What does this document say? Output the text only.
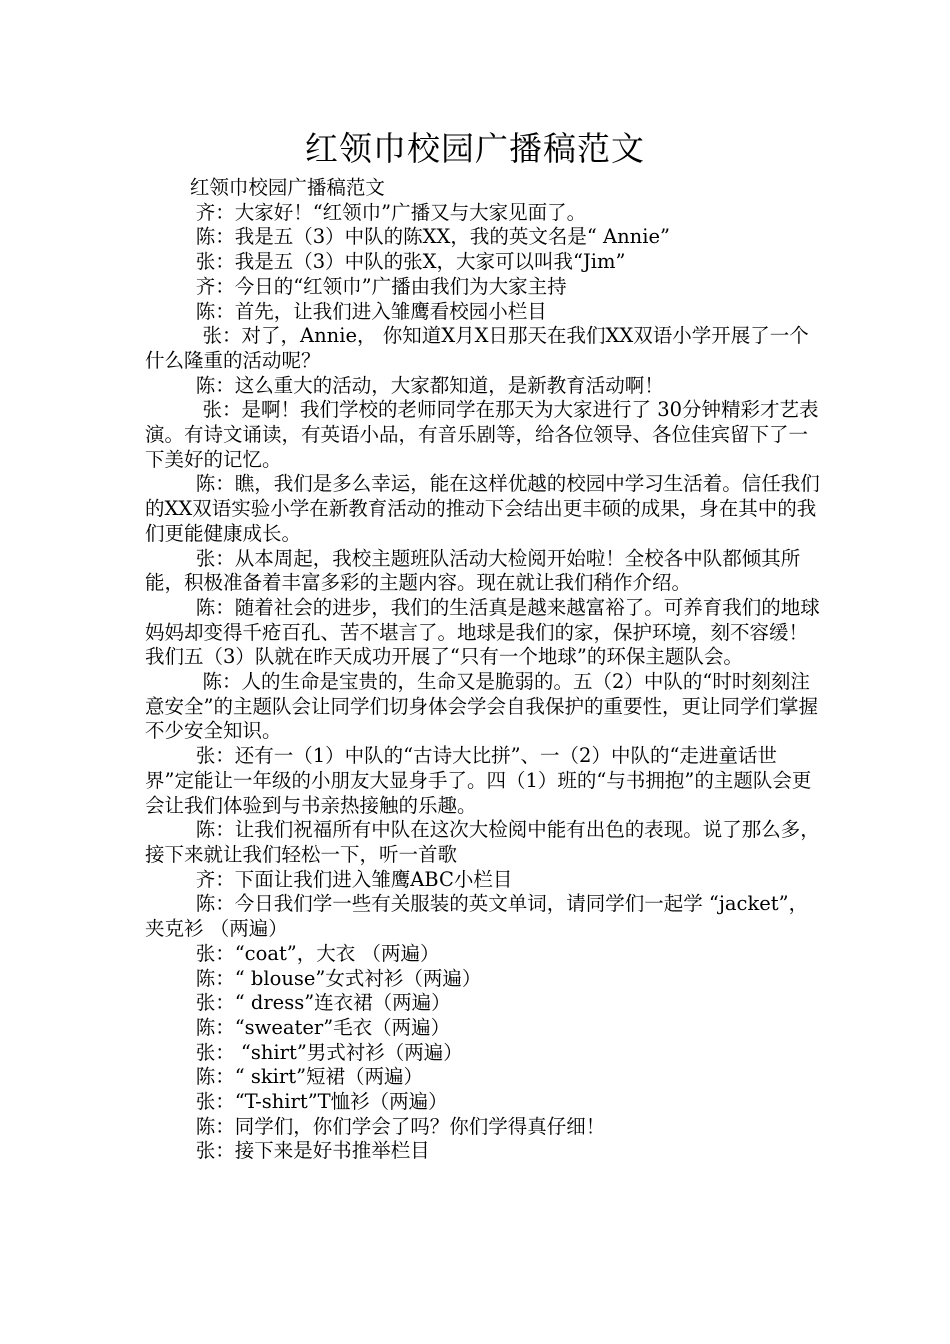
红领巾校园广播稿范文

红领巾校园广播稿范文

齐：大家好！“红领巾”广播又与大家见面了。

陈：我是五（3）中队的陈XX，我的英文名是“ Annie”

张：我是五（3）中队的张X，大家可以叫我“Jim”

齐：今日的“红领巾”广播由我们为大家主持

陈：首先，让我们进入雏鹰看校园小栏目

张：对了，Annie， 你知道X月X日那天在我们XX双语小学开展了一个什么隆重的活动呢？

陈：这么重大的活动，大家都知道，是新教育活动啊！

张：是啊！我们学校的老师同学在那天为大家进行了 30分钟精彩才艺表演。有诗文诵读，有英语小品，有音乐剧等，给各位领导、各位佳宾留下了一下美好的记忆。

陈：瞧，我们是多么幸运，能在这样优越的校园中学习生活着。信任我们的XX双语实验小学在新教育活动的推动下会结出更丰硕的成果，身在其中的我们更能健康成长。

张：从本周起，我校主题班队活动大检阅开始啦！全校各中队都倾其所能，积极准备着丰富多彩的主题内容。现在就让我们稍作介绍。

陈：随着社会的进步，我们的生活真是越来越富裕了。可养育我们的地球妈妈却变得千疮百孔、苦不堪言了。地球是我们的家，保护环境，刻不容缓！我们五（3）队就在昨天成功开展了“只有一个地球”的环保主题队会。

陈：人的生命是宝贵的，生命又是脆弱的。五（2）中队的“时时刻刻注意安全”的主题队会让同学们切身体会学会自我保护的重要性，更让同学们掌握不少安全知识。

张：还有一（1）中队的“古诗大比拼”、一（2）中队的“走进童话世界”定能让一年级的小朋友大显身手了。四（1）班的“与书拥抱”的主题队会更会让我们体验到与书亲热接触的乐趣。

陈：让我们祝福所有中队在这次大检阅中能有出色的表现。说了那么多，接下来就让我们轻松一下，听一首歌

齐：下面让我们进入雏鹰ABC小栏目

陈：今日我们学一些有关服装的英文单词，请同学们一起学 “jacket”，夹克衫 （两遍）

张：“coat”，大衣 （两遍）

陈：“ blouse”女式衬衫（两遍）

张：“ dress”连衣裙（两遍）

陈：“sweater”毛衣（两遍）

张： “shirt”男式衬衫（两遍）

陈：“ skirt”短裙（两遍）

张：“T-shirt”T恤衫（两遍）

陈：同学们，你们学会了吗？你们学得真仔细！

张：接下来是好书推举栏目
